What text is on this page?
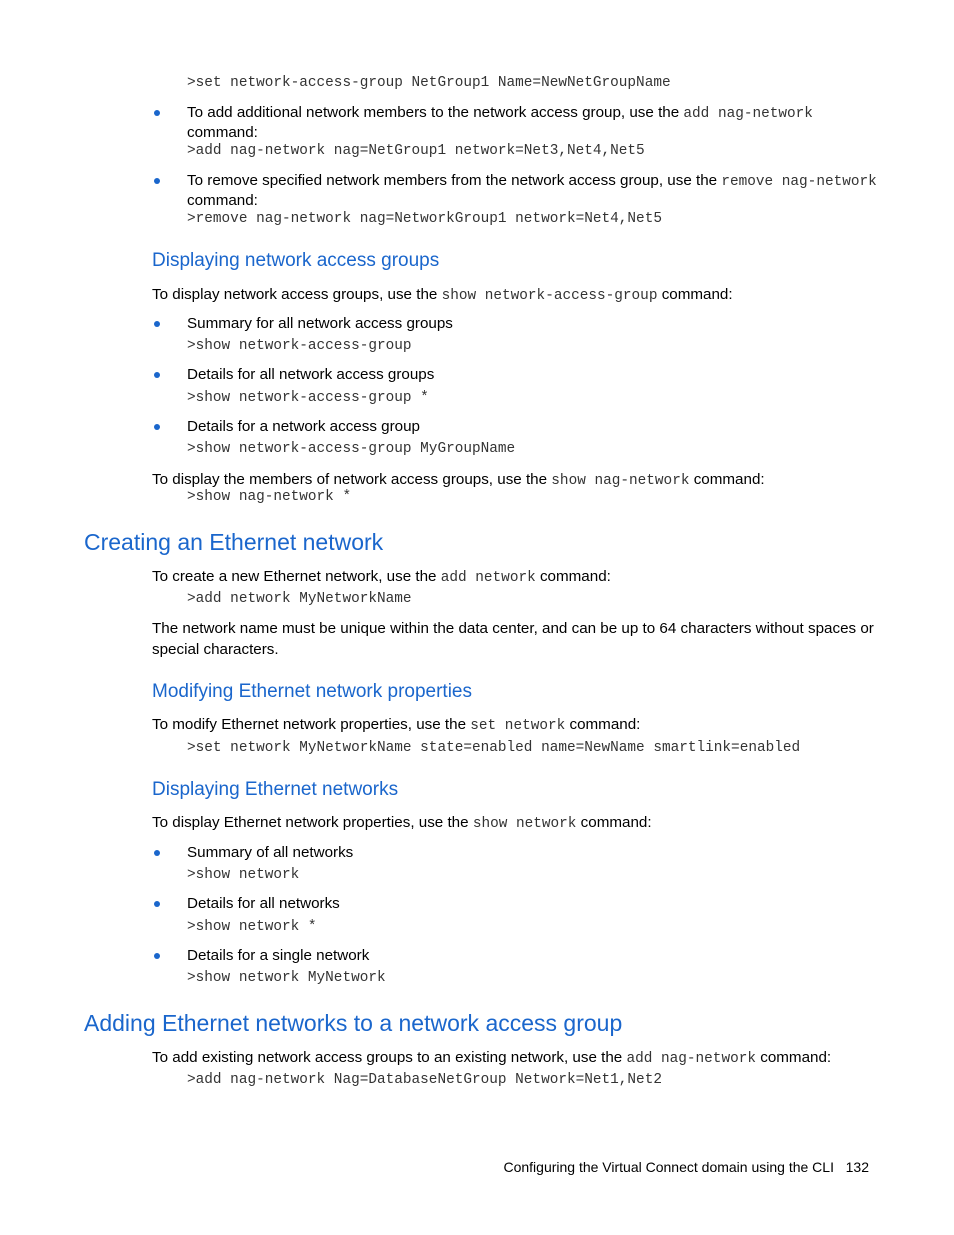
>set network-access-group NetGroup1 Name=NewNetGroupName
To add additional network members to the network access group, use the add nag-network
command:
>add nag-network nag=NetGroup1 network=Net3,Net4,Net5
To remove specified network members from the network access group, use the remove nag-network
command:
>remove nag-network nag=NetworkGroup1 network=Net4,Net5
Displaying network access groups
To display network access groups, use the show network-access-group command:
Summary for all network access groups
>show network-access-group
Details for all network access groups
>show network-access-group *
Details for a network access group
>show network-access-group MyGroupName
To display the members of network access groups, use the show nag-network command:
>show nag-network *
Creating an Ethernet network
To create a new Ethernet network, use the add network command:
>add network MyNetworkName
The network name must be unique within the data center, and can be up to 64 characters without spaces or
special characters.
Modifying Ethernet network properties
To modify Ethernet network properties, use the set network command:
>set network MyNetworkName state=enabled name=NewName smartlink=enabled
Displaying Ethernet networks
To display Ethernet network properties, use the show network command:
Summary of all networks
>show network
Details for all networks
>show network *
Details for a single network
>show network MyNetwork
Adding Ethernet networks to a network access group
To add existing network access groups to an existing network, use the add nag-network command:
>add nag-network Nag=DatabaseNetGroup Network=Net1,Net2
Configuring the Virtual Connect domain using the CLI 132
